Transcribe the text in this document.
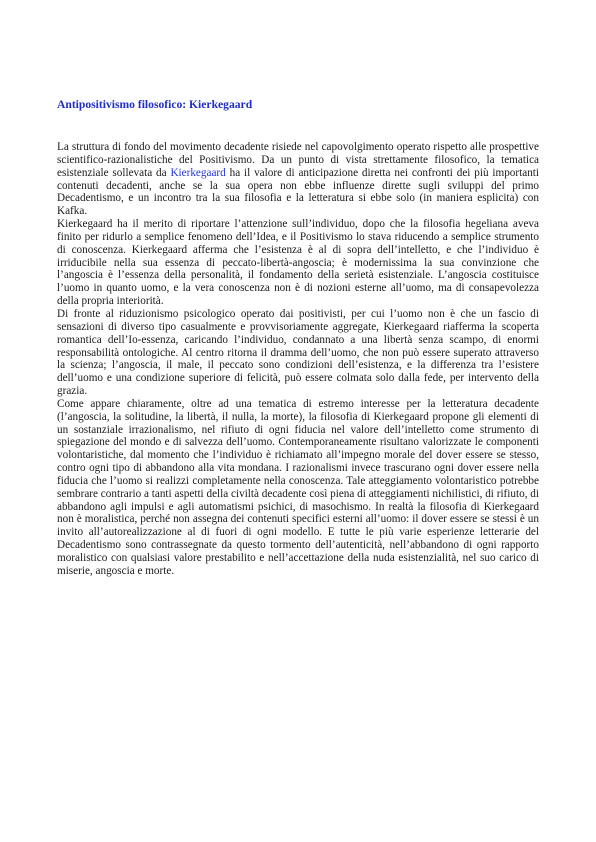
Antipositivismo filosofico: Kierkegaard

La struttura di fondo del movimento decadente risiede nel capovolgimento operato rispetto alle prospettive scientifico-razionalistiche del Positivismo. Da un punto di vista strettamente filosofico, la tematica esistenziale sollevata da Kierkegaard ha il valore di anticipazione diretta nei confronti dei più importanti contenuti decadenti, anche se la sua opera non ebbe influenze dirette sugli sviluppi del primo Decadentismo, e un incontro tra la sua filosofia e la letteratura si ebbe solo (in maniera esplicita) con Kafka.

Kierkegaard ha il merito di riportare l’attenzione sull’individuo, dopo che la filosofia hegeliana aveva finito per ridurlo a semplice fenomeno dell’Idea, e il Positivismo lo stava riducendo a semplice strumento di conoscenza. Kierkegaard afferma che l’esistenza è al di sopra dell’intelletto, e che l’individuo è irriducibile nella sua essenza di peccato-libertà-angoscia; è modernissima la sua convinzione che l’angoscia è l’essenza della personalità, il fondamento della serietà esistenziale. L’angoscia costituisce l’uomo in quanto uomo, e la vera conoscenza non è di nozioni esterne all’uomo, ma di consapevolezza della propria interiorità.

Di fronte al riduzionismo psicologico operato dai positivisti, per cui l’uomo non è che un fascio di sensazioni di diverso tipo casualmente e provvisoriamente aggregate, Kierkegaard riafferma la scoperta romantica dell’Io-essenza, caricando l’individuo, condannato a una libertà senza scampo, di enormi responsabilità ontologiche. Al centro ritorna il dramma dell’uomo, che non può essere superato attraverso la scienza; l’angoscia, il male, il peccato sono condizioni dell’esistenza, e la differenza tra l’esistere dell’uomo e una condizione superiore di felicità, può essere colmata solo dalla fede, per intervento della grazia.

Come appare chiaramente, oltre ad una tematica di estremo interesse per la letteratura decadente (l’angoscia, la solitudine, la libertà, il nulla, la morte), la filosofia di Kierkegaard propone gli elementi di un sostanziale irrazionalismo, nel rifiuto di ogni fiducia nel valore dell’intelletto come strumento di spiegazione del mondo e di salvezza dell’uomo. Contemporaneamente risultano valorizzate le componenti volontaristiche, dal momento che l’individuo è richiamato all’impegno morale del dover essere se stesso, contro ogni tipo di abbandono alla vita mondana. I razionalismi invece trascurano ogni dover essere nella fiducia che l’uomo si realizzi completamente nella conoscenza. Tale atteggiamento volontaristico potrebbe sembrare contrario a tanti aspetti della civiltà decadente così piena di atteggiamenti nichilistici, di rifiuto, di abbandono agli impulsi e agli automatismi psichici, di masochismo. In realtà la filosofia di Kierkegaard non è moralistica, perché non assegna dei contenuti specifici esterni all’uomo: il dover essere se stessi è un invito all’autorealizzazione al di fuori di ogni modello. E tutte le più varie esperienze letterarie del Decadentismo sono contrassegnate da questo tormento dell’autenticità, nell’abbandono di ogni rapporto moralistico con qualsiasi valore prestabilito e nell’accettazione della nuda esistenzialità, nel suo carico di miserie, angoscia e morte.
